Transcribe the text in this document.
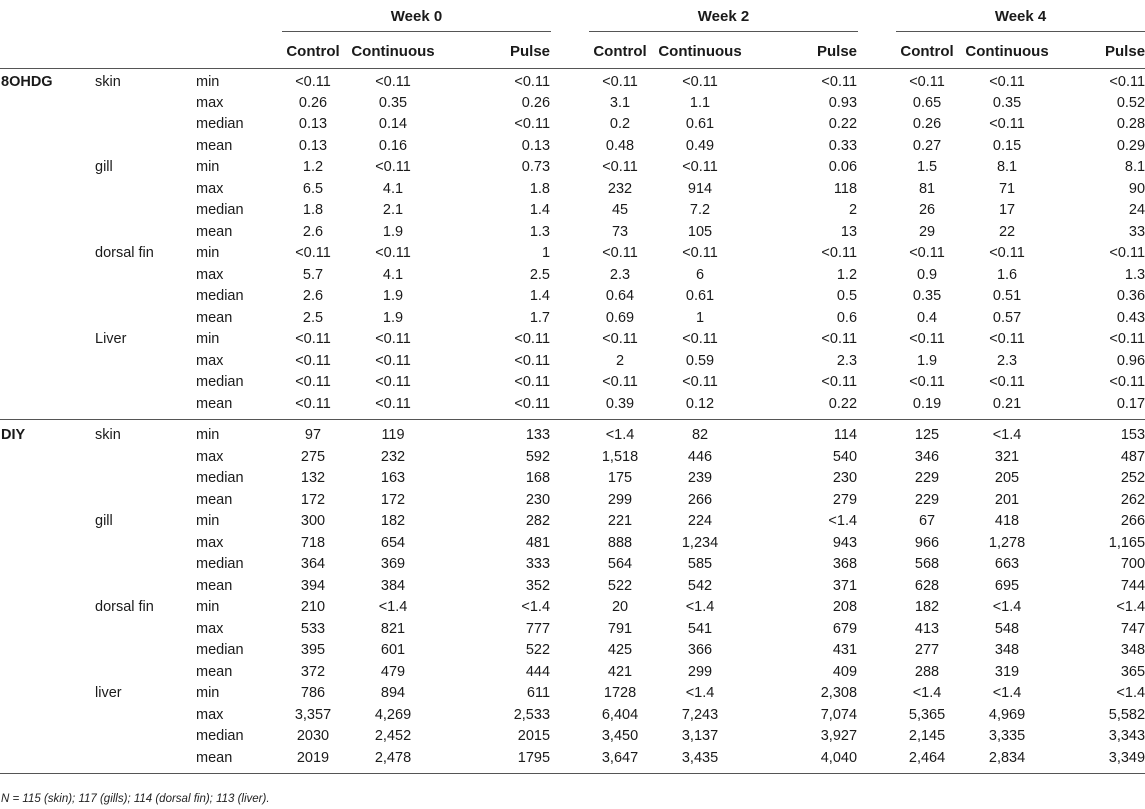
			Week 0				Week 2				Week 4		

			Control	Continuous	Pulse		Control	Continuous	Pulse		Control	Continuous	Pulse
8OHDG	skin	min	<0.11	<0.11	<0.11		<0.11	<0.11	<0.11		<0.11	<0.11	<0.11
		max	0.26	0.35	0.26		3.1	1.1	0.93		0.65	0.35	0.52
		median	0.13	0.14	<0.11		0.2	0.61	0.22		0.26	<0.11	0.28
		mean	0.13	0.16	0.13		0.48	0.49	0.33		0.27	0.15	0.29
	gill	min	1.2	<0.11	0.73		<0.11	<0.11	0.06		1.5	8.1	8.1
		max	6.5	4.1	1.8		232	914	118		81	71	90
		median	1.8	2.1	1.4		45	7.2	2		26	17	24
		mean	2.6	1.9	1.3		73	105	13		29	22	33
	dorsal fin	min	<0.11	<0.11	1		<0.11	<0.11	<0.11		<0.11	<0.11	<0.11
		max	5.7	4.1	2.5		2.3	6	1.2		0.9	1.6	1.3
		median	2.6	1.9	1.4		0.64	0.61	0.5		0.35	0.51	0.36
		mean	2.5	1.9	1.7		0.69	1	0.6		0.4	0.57	0.43
	Liver	min	<0.11	<0.11	<0.11		<0.11	<0.11	<0.11		<0.11	<0.11	<0.11
		max	<0.11	<0.11	<0.11		2	0.59	2.3		1.9	2.3	0.96
		median	<0.11	<0.11	<0.11		<0.11	<0.11	<0.11		<0.11	<0.11	<0.11
		mean	<0.11	<0.11	<0.11		0.39	0.12	0.22		0.19	0.21	0.17
DIY	skin	min	97	119	133		<1.4	82	114		125	<1.4	153
		max	275	232	592		1,518	446	540		346	321	487
		median	132	163	168		175	239	230		229	205	252
		mean	172	172	230		299	266	279		229	201	262
	gill	min	300	182	282		221	224	<1.4		67	418	266
		max	718	654	481		888	1,234	943		966	1,278	1,165
		median	364	369	333		564	585	368		568	663	700
		mean	394	384	352		522	542	371		628	695	744
	dorsal fin	min	210	<1.4	<1.4		20	<1.4	208		182	<1.4	<1.4
		max	533	821	777		791	541	679		413	548	747
		median	395	601	522		425	366	431		277	348	348
		mean	372	479	444		421	299	409		288	319	365
	liver	min	786	894	611		1728	<1.4	2,308		<1.4	<1.4	<1.4
		max	3,357	4,269	2,533		6,404	7,243	7,074		5,365	4,969	5,582
		median	2030	2,452	2015		3,450	3,137	3,927		2,145	3,335	3,343
		mean	2019	2,478	1795		3,647	3,435	4,040		2,464	2,834	3,349
N = 115 (skin); 117 (gills); 114 (dorsal fin); 113 (liver).
